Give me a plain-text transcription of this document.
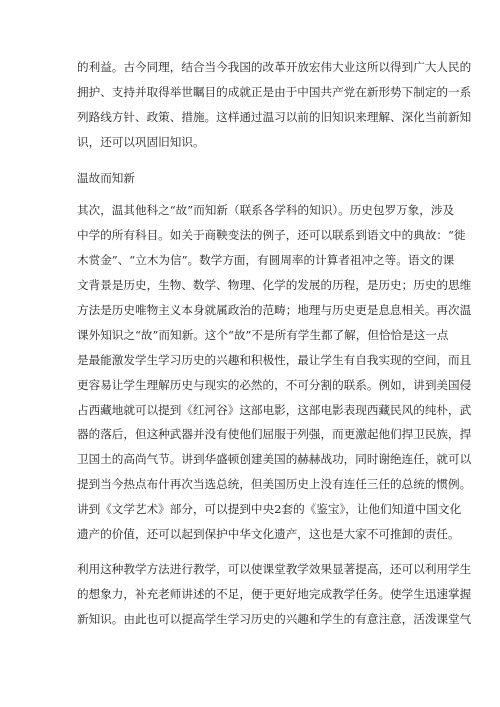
的利益。古今同理，结合当今我国的改革开放宏伟大业这所以得到广大人民的
拥护、支持并取得举世瞩目的成就正是由于中国共产党在新形势下制定的一系
列路线方针、政策、措施。这样通过温习以前的旧知识来理解、深化当前新知
识，还可以巩固旧知识。
温故而知新
其次，温其他科之“故”而知新（联系各学科的知识）。历史包罗万象，涉及
中学的所有科目。如关于商鞅变法的例子，还可以联系到语文中的典故：“徙
木赏金”、“立木为信”。数学方面，有圆周率的计算者祖冲之等。语文的课
文背景是历史，生物、数学、物理、化学的发展的历程，是历史；历史的思维
方法是历史唯物主义本身就属政治的范畴；地理与历史更是息息相关。再次温
课外知识之“故”而知新。这个“故”不是所有学生都了解，但恰恰是这一点
是最能激发学生学习历史的兴趣和积极性，最让学生有自我实现的空间，而且
更容易让学生理解历史与现实的必然的，不可分割的联系。例如，讲到美国侵
占西藏地就可以提到《红河谷》这部电影，这部电影表现西藏民风的纯朴，武
器的落后，但这种武器并没有使他们屈服于列强，而更激起他们捍卫民族，捍
卫国土的高尚气节。讲到华盛顿创建美国的赫赫战功，同时谢绝连任，就可以
提到当今热点布什再次当选总统，但美国历史上没有连任三任的总统的惯例。
讲到《文学艺术》部分，可以提到中央2套的《鉴宝》，让他们知道中国文化
遗产的价值，还可以起到保护中华文化遗产，这也是大家不可推卸的责任。
利用这种教学方法进行教学，可以使课堂教学效果显著提高，还可以利用学生
的想象力，补充老师讲述的不足，便于更好地完成教学任务。使学生迅速掌握
新知识。由此也可以提高学生学习历史的兴趣和学生的有意注意，活泼课堂气
